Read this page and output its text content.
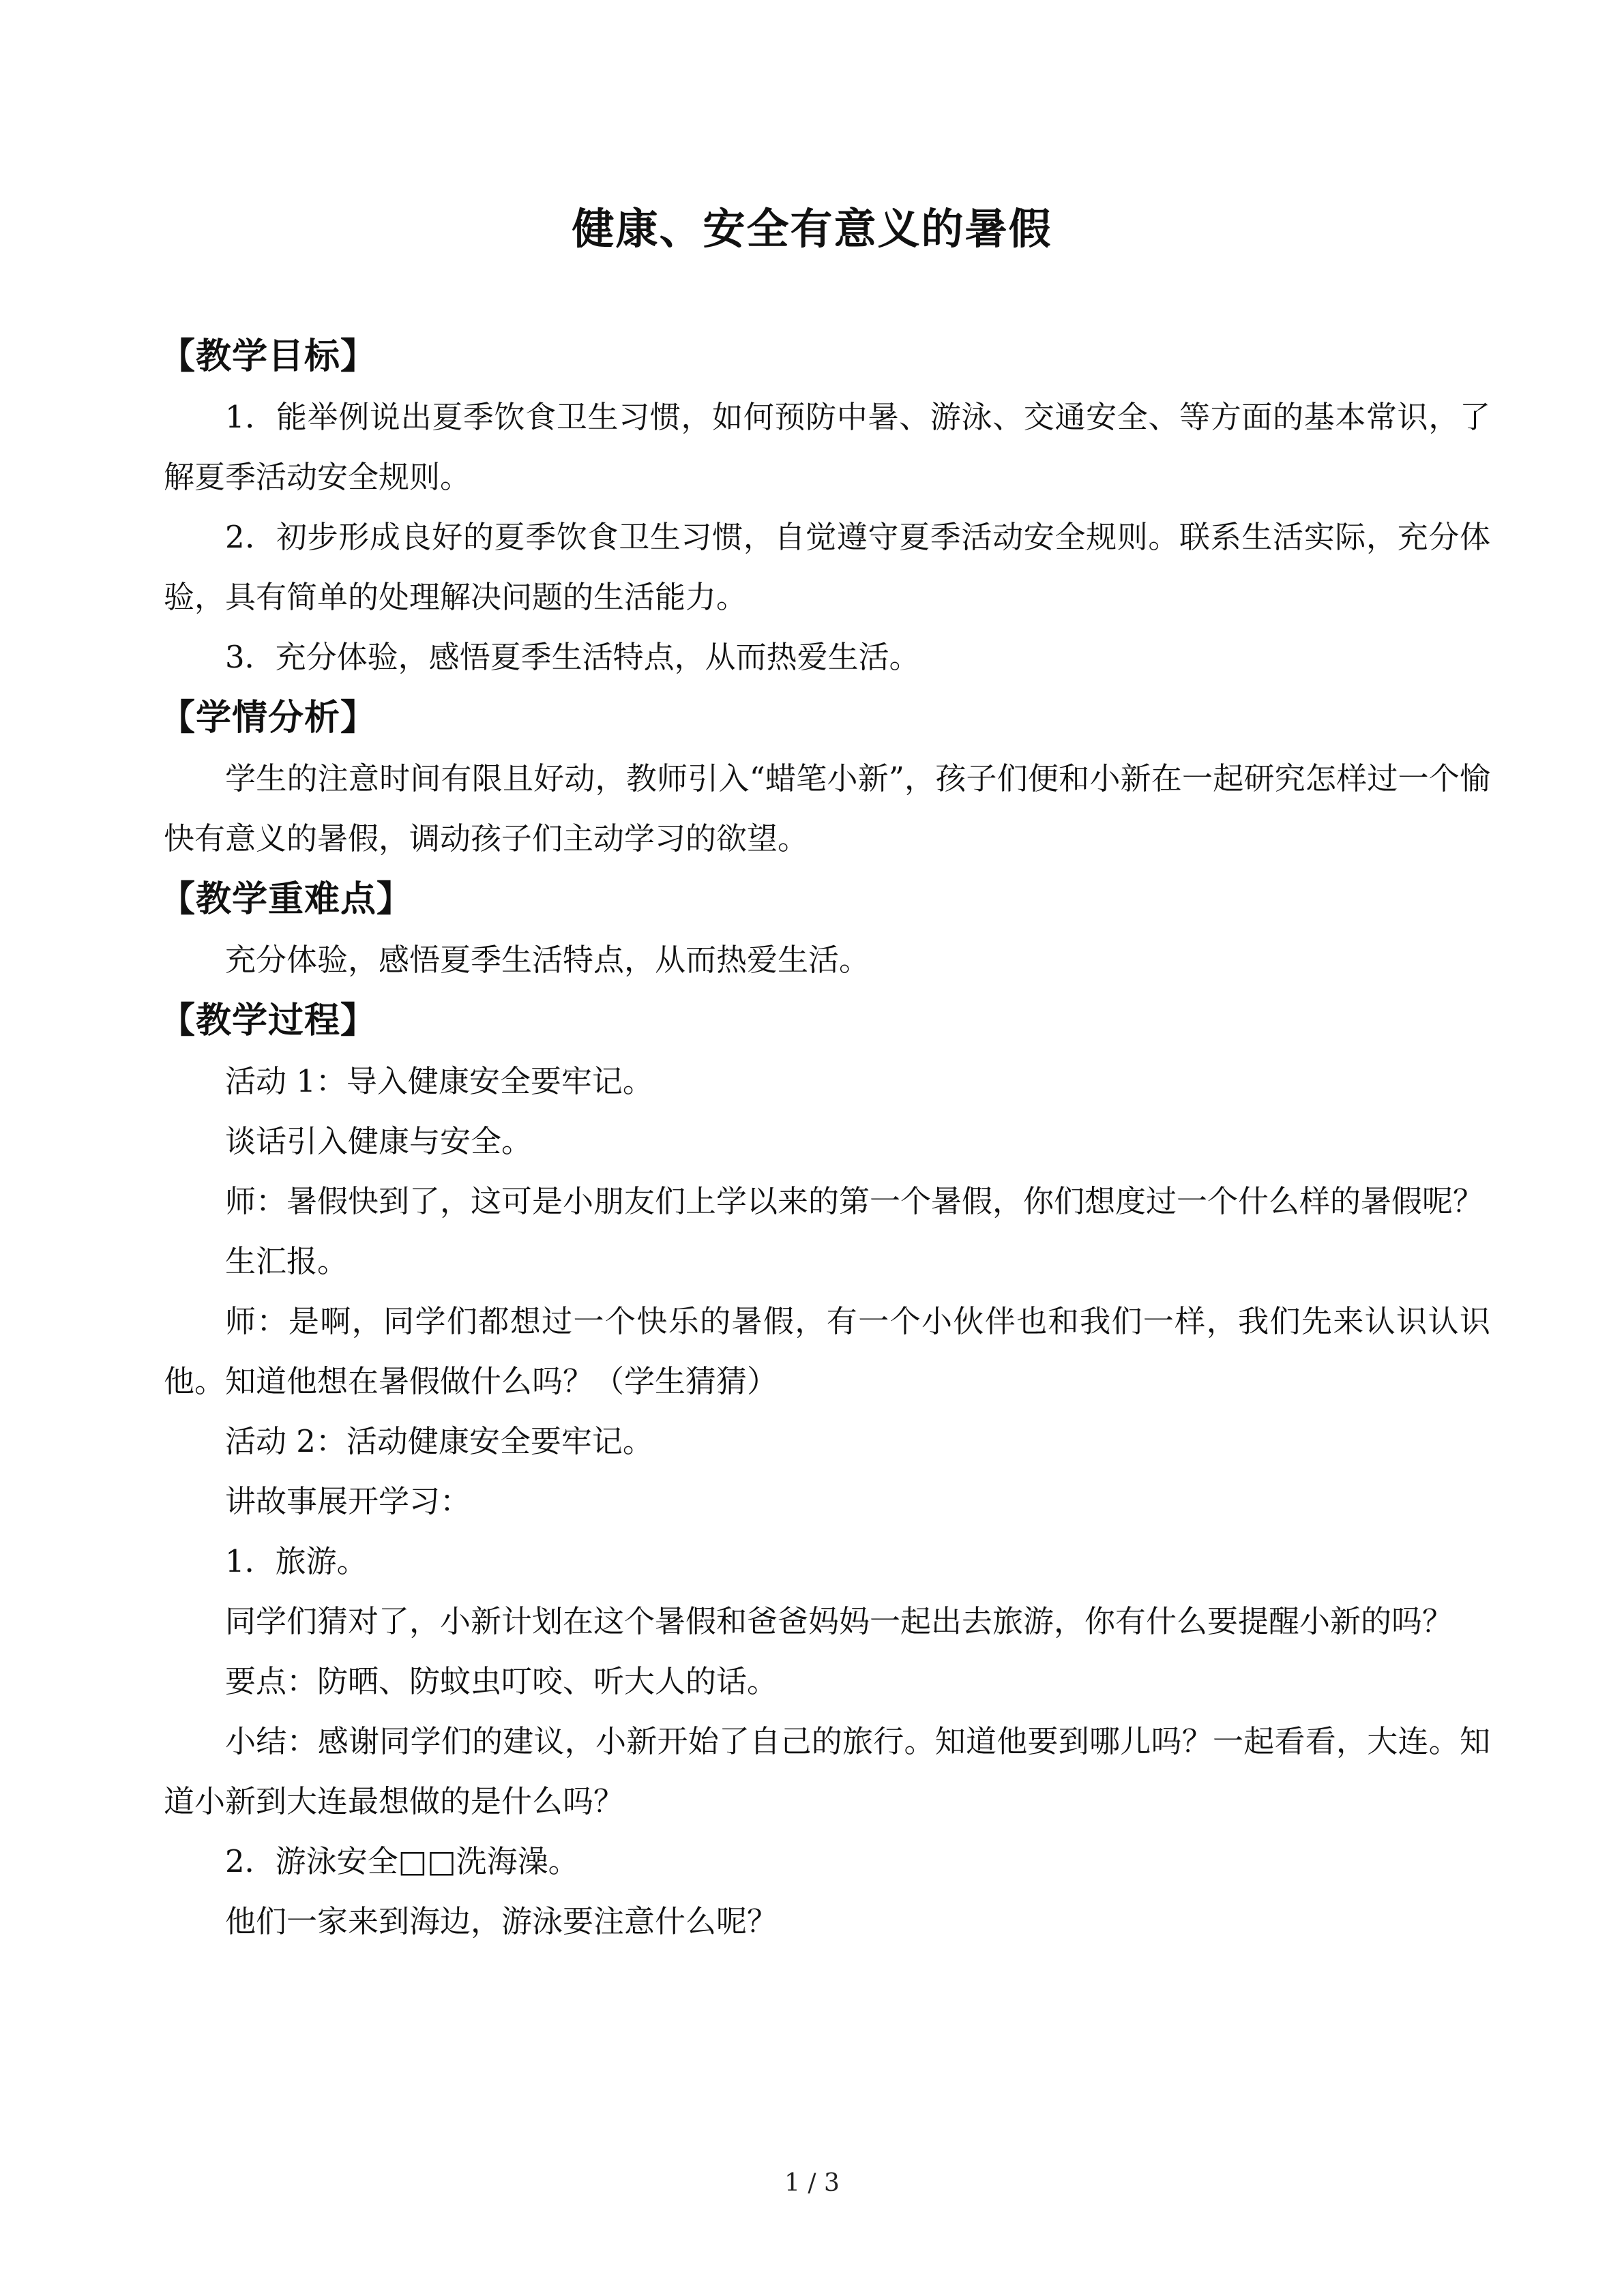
健康、安全有意义的暑假
【教学目标】

1．能举例说出夏季饮食卫生习惯，如何预防中暑、游泳、交通安全、等方面的基本常识，了解夏季活动安全规则。

2．初步形成良好的夏季饮食卫生习惯，自觉遵守夏季活动安全规则。联系生活实际，充分体验，具有简单的处理解决问题的生活能力。

3．充分体验，感悟夏季生活特点，从而热爱生活。

【学情分析】

学生的注意时间有限且好动，教师引入“蜡笔小新”，孩子们便和小新在一起研究怎样过一个愉快有意义的暑假，调动孩子们主动学习的欲望。

【教学重难点】

充分体验，感悟夏季生活特点，从而热爱生活。

【教学过程】

活动 1：导入健康安全要牢记。

谈话引入健康与安全。

师：暑假快到了，这可是小朋友们上学以来的第一个暑假，你们想度过一个什么样的暑假呢？

生汇报。

师：是啊，同学们都想过一个快乐的暑假，有一个小伙伴也和我们一样，我们先来认识认识他。知道他想在暑假做什么吗？（学生猜猜）

活动 2：活动健康安全要牢记。

讲故事展开学习：

1．旅游。

同学们猜对了，小新计划在这个暑假和爸爸妈妈一起出去旅游，你有什么要提醒小新的吗？

要点：防晒、防蚊虫叮咬、听大人的话。

小结：感谢同学们的建议，小新开始了自己的旅行。知道他要到哪儿吗？一起看看，大连。知道小新到大连最想做的是什么吗？

2．游泳安全□□洗海澡。

他们一家来到海边，游泳要注意什么呢？

1 / 3
